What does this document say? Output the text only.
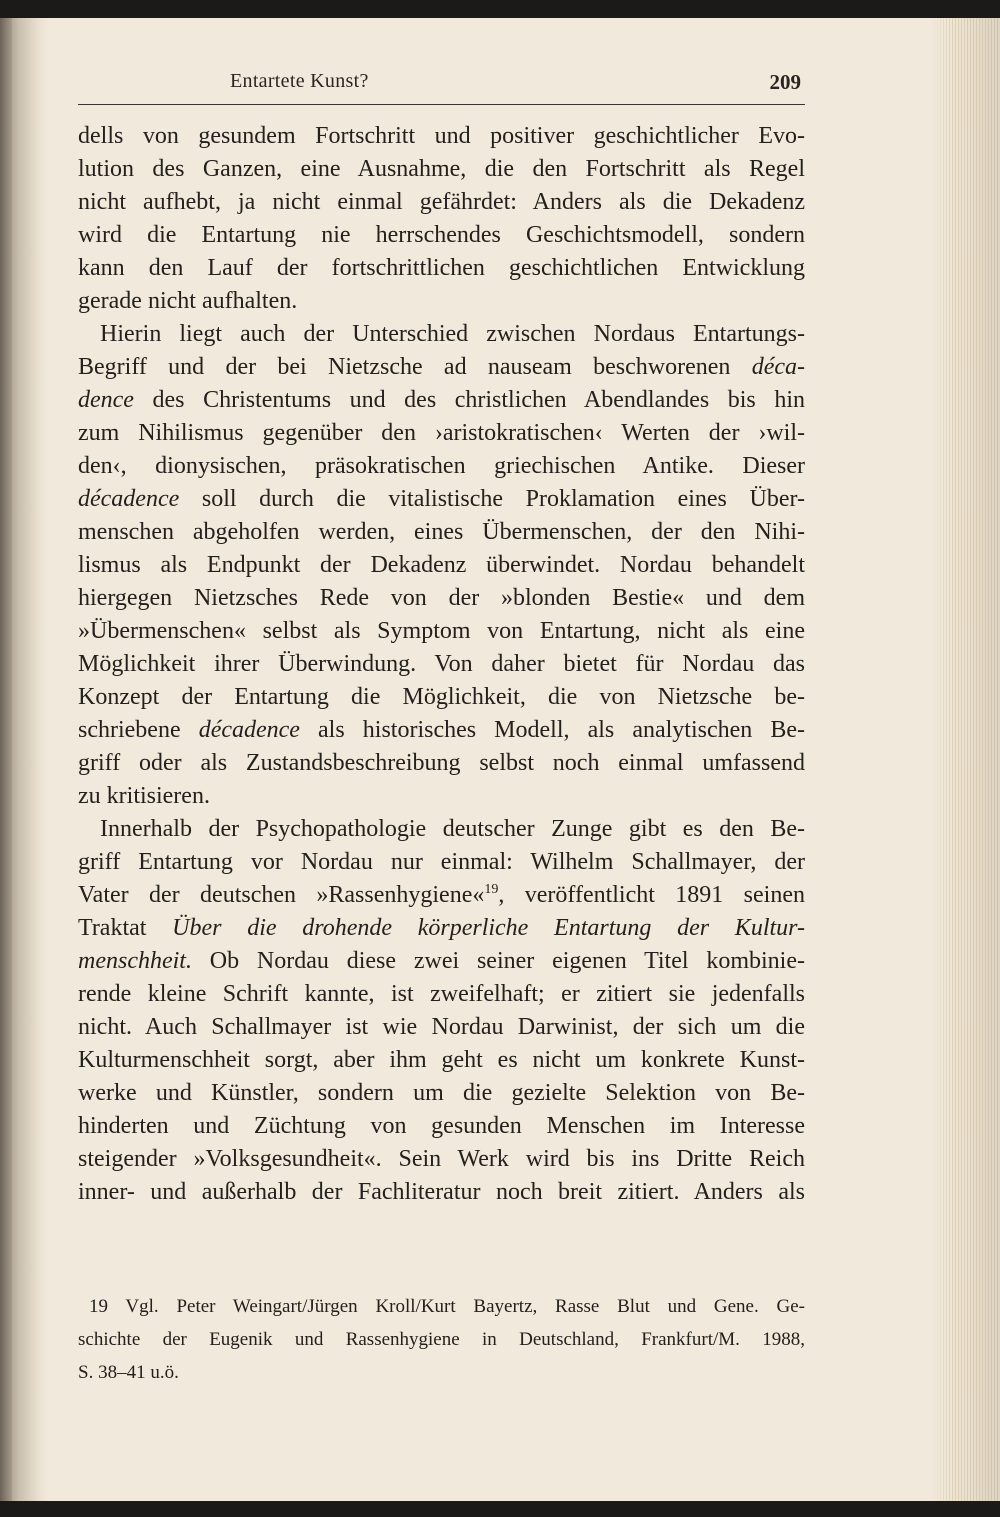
Entartete Kunst?	209
dells von gesundem Fortschritt und positiver geschichtlicher Evo-
lution des Ganzen, eine Ausnahme, die den Fortschritt als Regel
nicht aufhebt, ja nicht einmal gefährdet: Anders als die Dekadenz
wird die Entartung nie herrschendes Geschichtsmodell, sondern
kann den Lauf der fortschrittlichen geschichtlichen Entwicklung
gerade nicht aufhalten.
Hierin liegt auch der Unterschied zwischen Nordaus Entartungs-
Begriff und der bei Nietzsche ad nauseam beschworenen déca-
dence des Christentums und des christlichen Abendlandes bis hin
zum Nihilismus gegenüber den ›aristokratischen‹ Werten der ›wil-
den‹, dionysischen, präsokratischen griechischen Antike. Dieser
décadence soll durch die vitalistische Proklamation eines Über-
menschen abgeholfen werden, eines Übermenschen, der den Nihi-
lismus als Endpunkt der Dekadenz überwindet. Nordau behandelt
hiergegen Nietzsches Rede von der »blonden Bestie« und dem
»Übermenschen« selbst als Symptom von Entartung, nicht als eine
Möglichkeit ihrer Überwindung. Von daher bietet für Nordau das
Konzept der Entartung die Möglichkeit, die von Nietzsche be-
schriebene décadence als historisches Modell, als analytischen Be-
griff oder als Zustandsbeschreibung selbst noch einmal umfassend
zu kritisieren.
Innerhalb der Psychopathologie deutscher Zunge gibt es den Be-
griff Entartung vor Nordau nur einmal: Wilhelm Schallmayer, der
Vater der deutschen »Rassenhygiene«$^{19}$, veröffentlicht 1891 seinen
Traktat Über die drohende körperliche Entartung der Kultur-
menschheit. Ob Nordau diese zwei seiner eigenen Titel kombinie-
rende kleine Schrift kannte, ist zweifelhaft; er zitiert sie jedenfalls
nicht. Auch Schallmayer ist wie Nordau Darwinist, der sich um die
Kulturmenschheit sorgt, aber ihm geht es nicht um konkrete Kunst-
werke und Künstler, sondern um die gezielte Selektion von Be-
hinderten und Züchtung von gesunden Menschen im Interesse
steigender »Volksgesundheit«. Sein Werk wird bis ins Dritte Reich
inner- und außerhalb der Fachliteratur noch breit zitiert. Anders als
19 Vgl. Peter Weingart/Jürgen Kroll/Kurt Bayertz, Rasse Blut und Gene. Ge-
schichte der Eugenik und Rassenhygiene in Deutschland, Frankfurt/M. 1988,
S. 38–41 u.ö.
